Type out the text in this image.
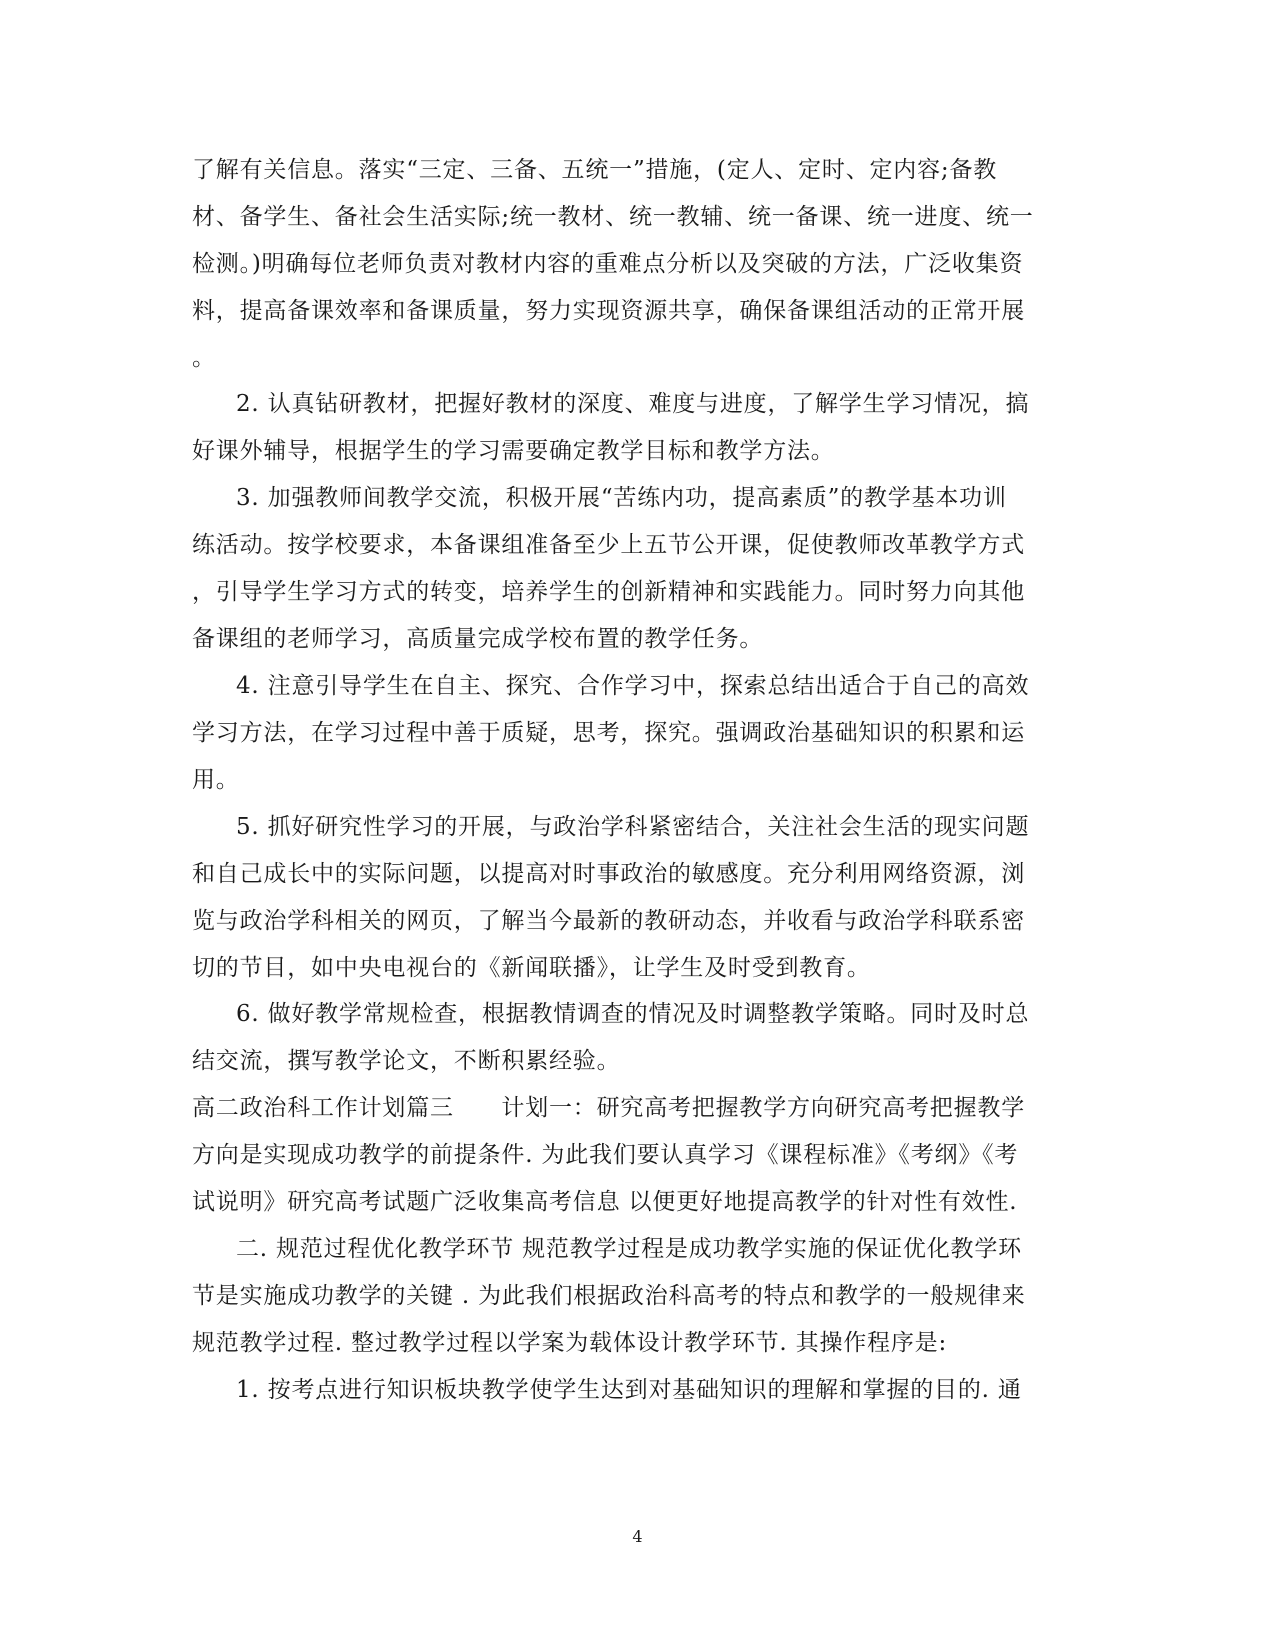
了解有关信息。落实“三定、三备、五统一”措施，(定人、定时、定内容;备教
材、备学生、备社会生活实际;统一教材、统一教辅、统一备课、统一进度、统一
检测。)明确每位老师负责对教材内容的重难点分析以及突破的方法，广泛收集资
料，提高备课效率和备课质量，努力实现资源共享，确保备课组活动的正常开展
。
2. 认真钻研教材，把握好教材的深度、难度与进度，了解学生学习情况，搞
好课外辅导，根据学生的学习需要确定教学目标和教学方法。
3. 加强教师间教学交流，积极开展“苦练内功，提高素质”的教学基本功训
练活动。按学校要求，本备课组准备至少上五节公开课，促使教师改革教学方式
，引导学生学习方式的转变，培养学生的创新精神和实践能力。同时努力向其他
备课组的老师学习，高质量完成学校布置的教学任务。
4. 注意引导学生在自主、探究、合作学习中，探索总结出适合于自己的高效
学习方法，在学习过程中善于质疑，思考，探究。强调政治基础知识的积累和运
用。
5. 抓好研究性学习的开展，与政治学科紧密结合，关注社会生活的现实问题
和自己成长中的实际问题，以提高对时事政治的敏感度。充分利用网络资源，浏
览与政治学科相关的网页，了解当今最新的教研动态，并收看与政治学科联系密
切的节目，如中央电视台的《新闻联播》，让学生及时受到教育。
6. 做好教学常规检查，根据教情调查的情况及时调整教学策略。同时及时总
结交流，撰写教学论文，不断积累经验。
高二政治科工作计划篇三　　计划一：研究高考把握教学方向研究高考把握教学
方向是实现成功教学的前提条件. 为此我们要认真学习《课程标准》《考纲》《考
试说明》研究高考试题广泛收集高考信息 以便更好地提高教学的针对性有效性.
二. 规范过程优化教学环节 规范教学过程是成功教学实施的保证优化教学环
节是实施成功教学的关键 . 为此我们根据政治科高考的特点和教学的一般规律来
规范教学过程. 整过教学过程以学案为载体设计教学环节. 其操作程序是:
1. 按考点进行知识板块教学使学生达到对基础知识的理解和掌握的目的. 通
4
